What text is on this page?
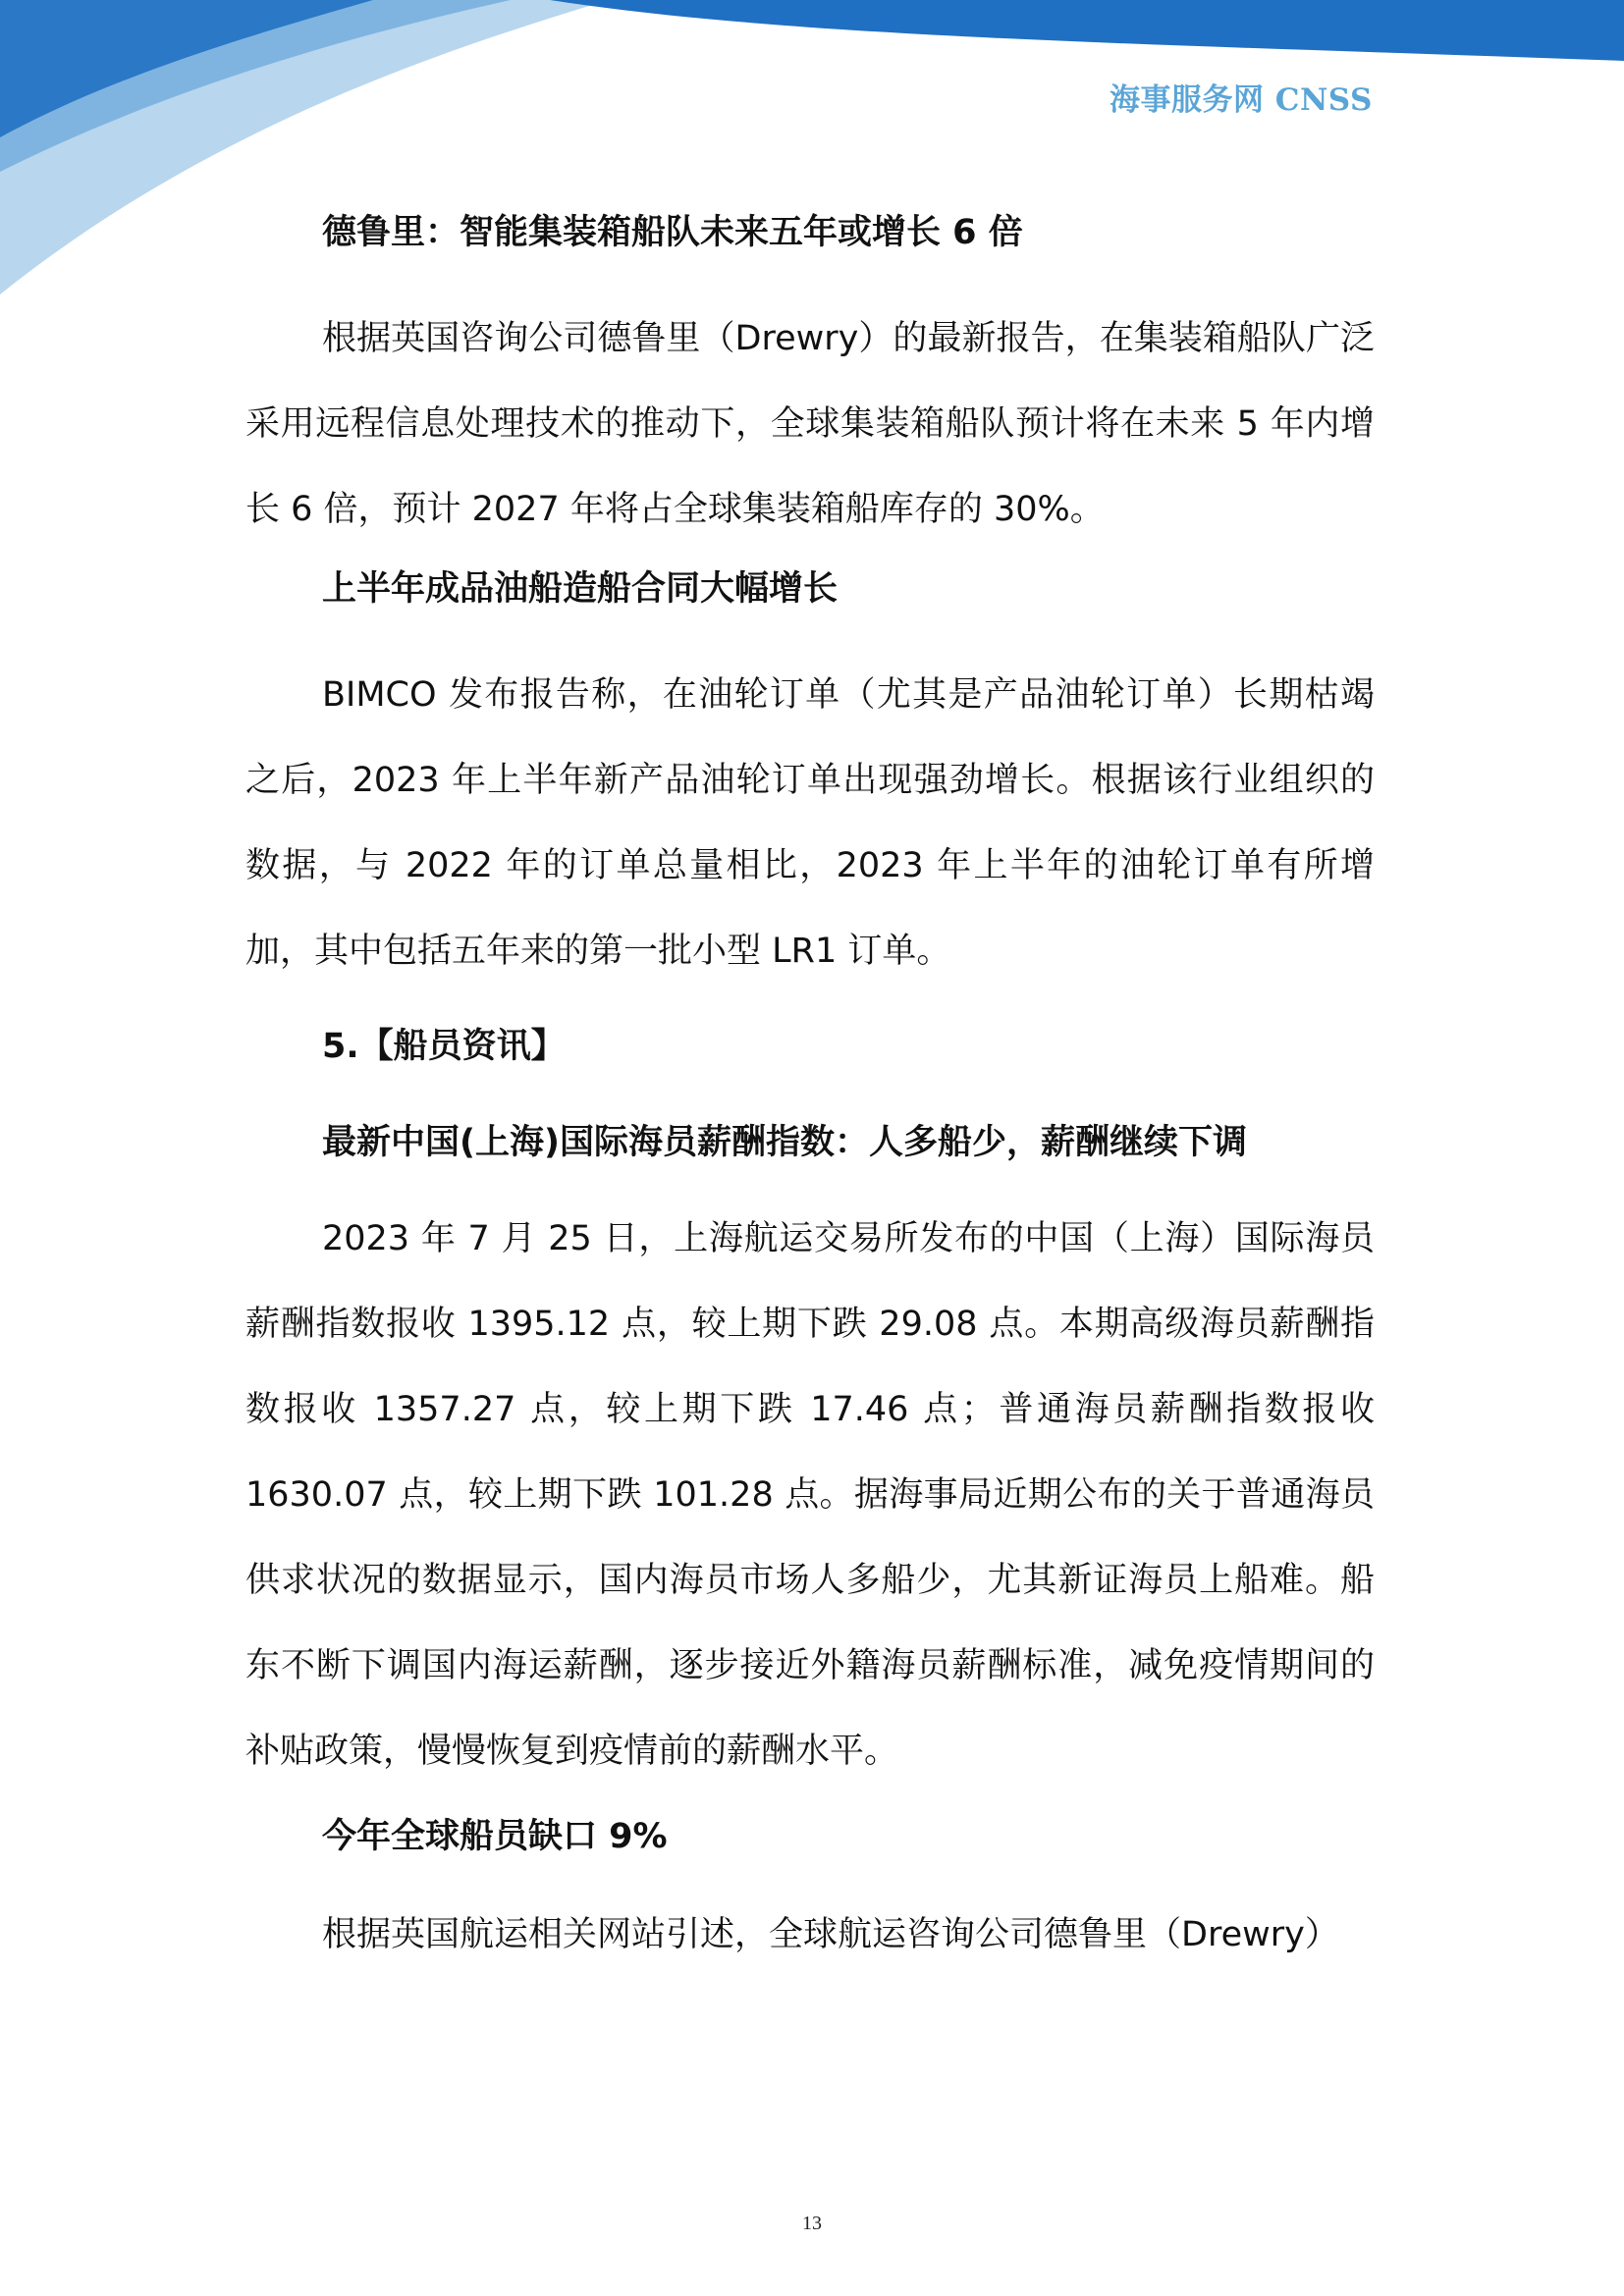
海事服务网 CNSS

德鲁里：智能集装箱船队未来五年或增长 6 倍

根据英国咨询公司德鲁里（Drewry）的最新报告，在集装箱船队广泛采用远程信息处理技术的推动下，全球集装箱船队预计将在未来 5 年内增长 6 倍，预计 2027 年将占全球集装箱船库存的 30%。

上半年成品油船造船合同大幅增长

BIMCO 发布报告称，在油轮订单（尤其是产品油轮订单）长期枯竭之后，2023 年上半年新产品油轮订单出现强劲增长。根据该行业组织的数据，与 2022 年的订单总量相比，2023 年上半年的油轮订单有所增加，其中包括五年来的第一批小型 LR1 订单。

5.【船员资讯】

最新中国(上海)国际海员薪酬指数：人多船少，薪酬继续下调

2023 年 7 月 25 日，上海航运交易所发布的中国（上海）国际海员薪酬指数报收 1395.12 点，较上期下跌 29.08 点。本期高级海员薪酬指数报收 1357.27 点，较上期下跌 17.46 点；普通海员薪酬指数报收 1630.07 点，较上期下跌 101.28 点。据海事局近期公布的关于普通海员供求状况的数据显示，国内海员市场人多船少，尤其新证海员上船难。船东不断下调国内海运薪酬，逐步接近外籍海员薪酬标准，减免疫情期间的补贴政策，慢慢恢复到疫情前的薪酬水平。

今年全球船员缺口 9%

根据英国航运相关网站引述，全球航运咨询公司德鲁里（Drewry）

13
